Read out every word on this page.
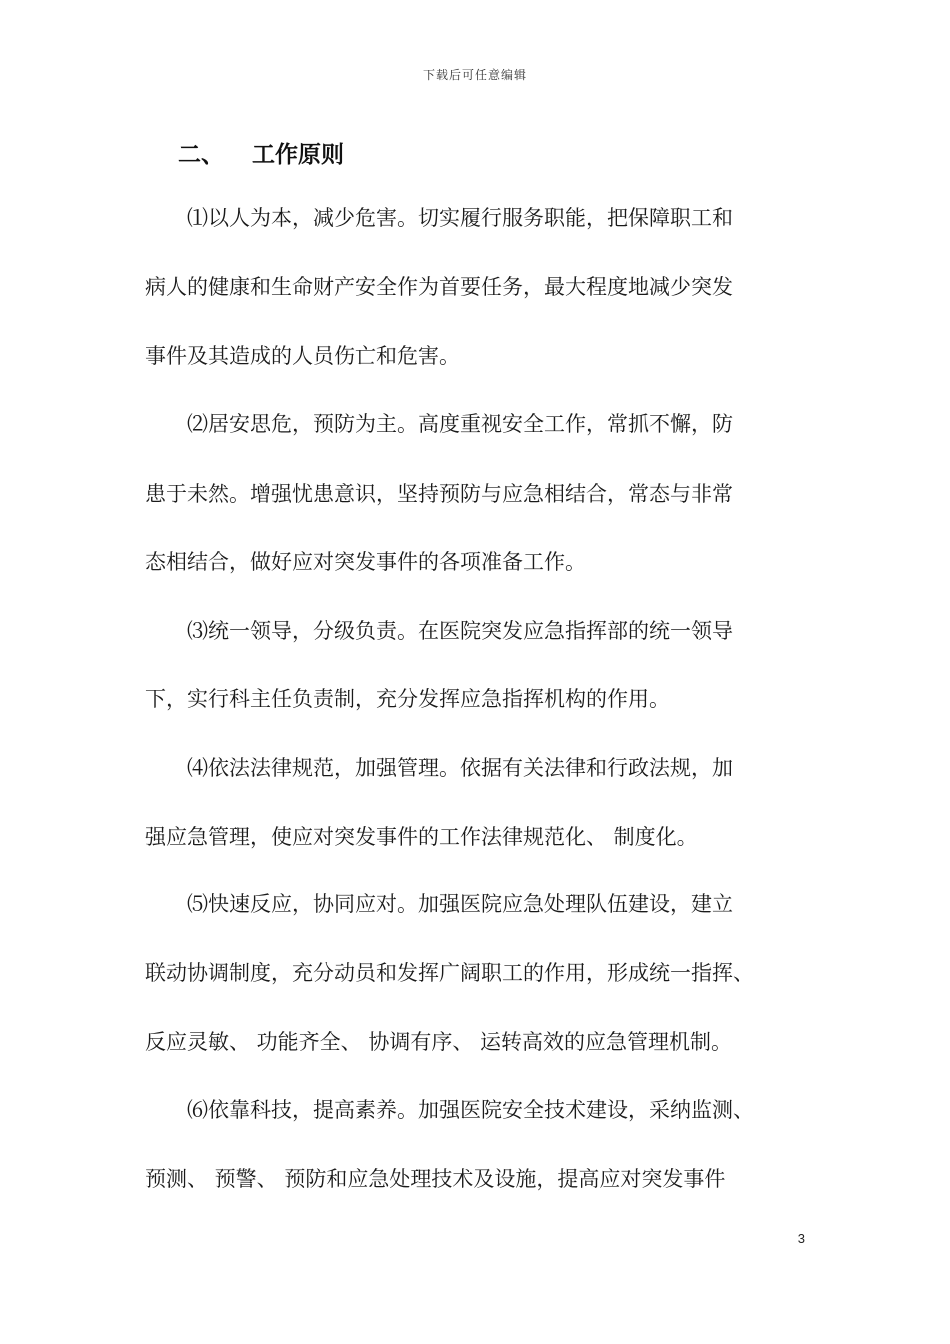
下载后可任意编辑
二、 工作原则
⑴以人为本，减少危害。切实履行服务职能，把保障职工和
病人的健康和生命财产安全作为首要任务，最大程度地减少突发
事件及其造成的人员伤亡和危害。
⑵居安思危，预防为主。高度重视安全工作，常抓不懈，防
患于未然。增强忧患意识，坚持预防与应急相结合，常态与非常
态相结合，做好应对突发事件的各项准备工作。
⑶统一领导，分级负责。在医院突发应急指挥部的统一领导
下，实行科主任负责制，充分发挥应急指挥机构的作用。
⑷依法法律规范，加强管理。依据有关法律和行政法规，加
强应急管理，使应对突发事件的工作法律规范化、 制度化。
⑸快速反应，协同应对。加强医院应急处理队伍建设，建立
联动协调制度，充分动员和发挥广阔职工的作用，形成统一指挥、
反应灵敏、 功能齐全、 协调有序、 运转高效的应急管理机制。
⑹依靠科技，提高素养。加强医院安全技术建设，采纳监测、
预测、 预警、 预防和应急处理技术及设施，提高应对突发事件
3
